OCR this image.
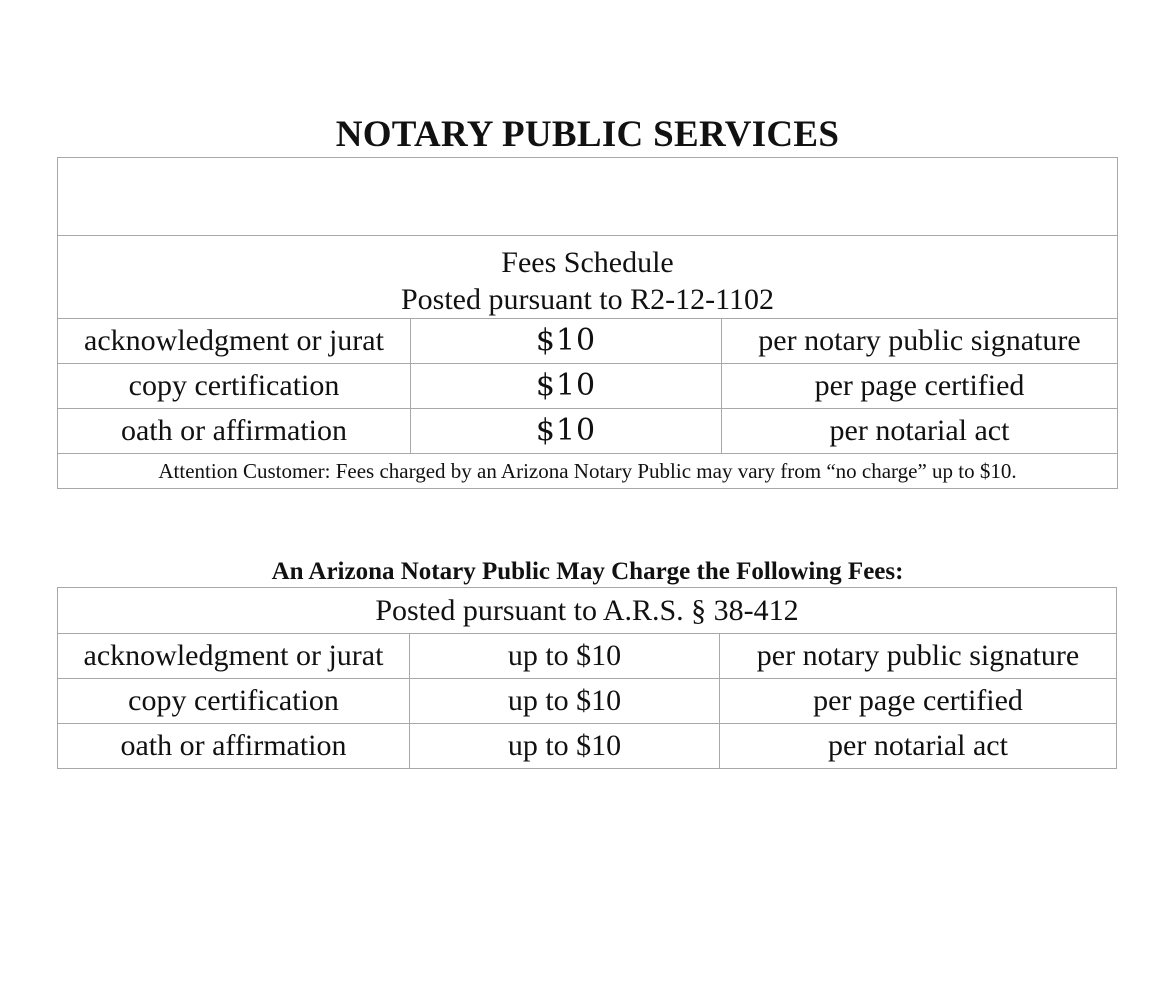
NOTARY PUBLIC SERVICES

Fees Schedule
Posted pursuant to R2-12-1102		

acknowledgment or jurat	$10	per notary public signature
copy certification	$10	per page certified
oath or affirmation	$10	per notarial act
Attention Customer: Fees charged by an Arizona Notary Public may vary from “no charge” up to $10.		
An Arizona Notary Public May Charge the Following Fees:
Posted pursuant to A.R.S. § 38-412		
acknowledgment or jurat	up to $10	per notary public signature
copy certification	up to $10	per page certified
oath or affirmation	up to $10	per notarial act
